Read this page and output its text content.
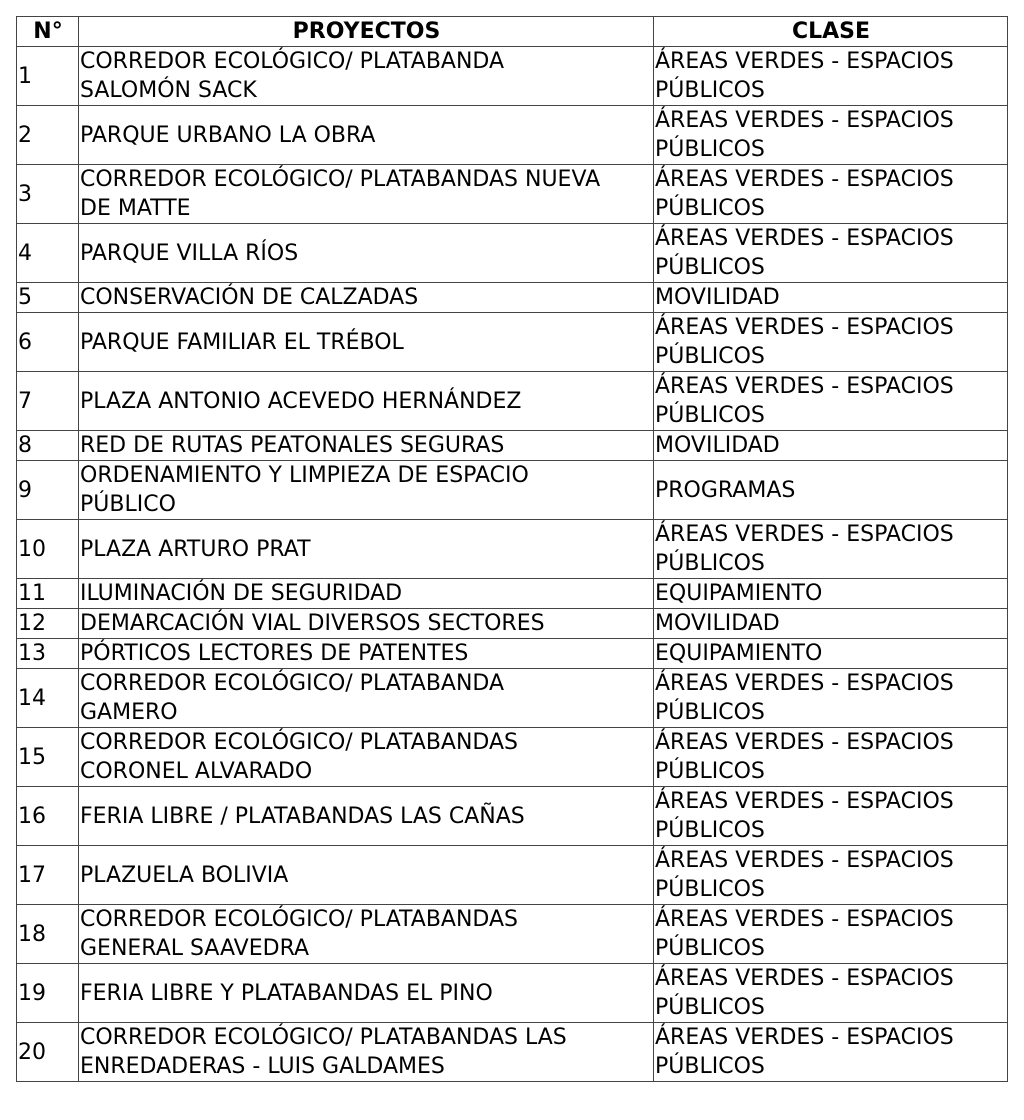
N°	PROYECTOS	CLASE
1	CORREDOR ECOLÓGICO/ PLATABANDA
SALOMÓN SACK	ÁREAS VERDES - ESPACIOS
PÚBLICOS
2	PARQUE URBANO LA OBRA	ÁREAS VERDES - ESPACIOS
PÚBLICOS
3	CORREDOR ECOLÓGICO/ PLATABANDAS NUEVA
DE MATTE	ÁREAS VERDES - ESPACIOS
PÚBLICOS
4	PARQUE VILLA RÍOS	ÁREAS VERDES - ESPACIOS
PÚBLICOS
5	CONSERVACIÓN DE CALZADAS	MOVILIDAD
6	PARQUE FAMILIAR EL TRÉBOL	ÁREAS VERDES - ESPACIOS
PÚBLICOS
7	PLAZA ANTONIO ACEVEDO HERNÁNDEZ	ÁREAS VERDES - ESPACIOS
PÚBLICOS
8	RED DE RUTAS PEATONALES SEGURAS	MOVILIDAD
9	ORDENAMIENTO Y LIMPIEZA DE ESPACIO
PÚBLICO	PROGRAMAS
10	PLAZA ARTURO PRAT	ÁREAS VERDES - ESPACIOS
PÚBLICOS
11	ILUMINACIÓN DE SEGURIDAD	EQUIPAMIENTO
12	DEMARCACIÓN VIAL DIVERSOS SECTORES	MOVILIDAD
13	PÓRTICOS LECTORES DE PATENTES	EQUIPAMIENTO
14	CORREDOR ECOLÓGICO/ PLATABANDA
GAMERO	ÁREAS VERDES - ESPACIOS
PÚBLICOS
15	CORREDOR ECOLÓGICO/ PLATABANDAS
CORONEL ALVARADO	ÁREAS VERDES - ESPACIOS
PÚBLICOS
16	FERIA LIBRE / PLATABANDAS LAS CAÑAS	ÁREAS VERDES - ESPACIOS
PÚBLICOS
17	PLAZUELA BOLIVIA	ÁREAS VERDES - ESPACIOS
PÚBLICOS
18	CORREDOR ECOLÓGICO/ PLATABANDAS
GENERAL SAAVEDRA	ÁREAS VERDES - ESPACIOS
PÚBLICOS
19	FERIA LIBRE Y PLATABANDAS EL PINO	ÁREAS VERDES - ESPACIOS
PÚBLICOS
20	CORREDOR ECOLÓGICO/ PLATABANDAS LAS
ENREDADERAS - LUIS GALDAMES	ÁREAS VERDES - ESPACIOS
PÚBLICOS
